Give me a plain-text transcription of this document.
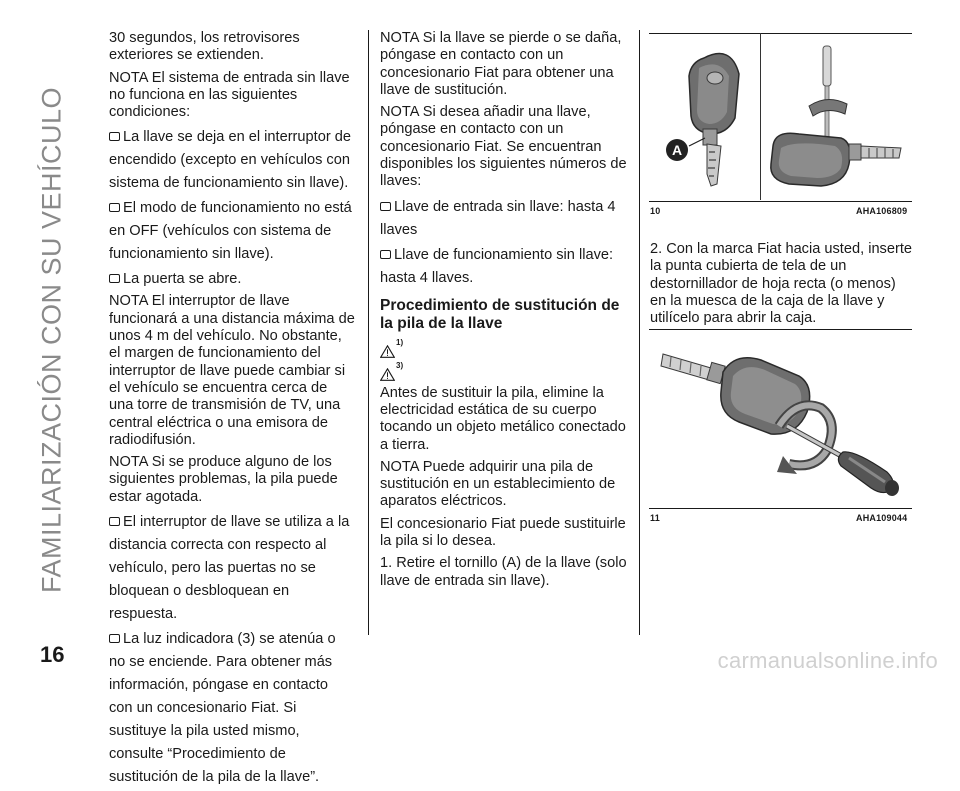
FAMILIARIZACIÓN CON SU VEHÍCULO

30 segundos, los retrovisores exteriores se extienden.

NOTA El sistema de entrada sin llave no funciona en las siguientes condiciones:

La llave se deja en el interruptor de encendido (excepto en vehículos con sistema de funcionamiento sin llave).
El modo de funcionamiento no está en OFF (vehículos con sistema de funcionamiento sin llave).
La puerta se abre.

NOTA El interruptor de llave funcionará a una distancia máxima de unos 4 m del vehículo. No obstante, el margen de funcionamiento del interruptor de llave puede cambiar si el vehículo se encuentra cerca de una torre de transmisión de TV, una central eléctrica o una emisora de radiodifusión.

NOTA Si se produce alguno de los siguientes problemas, la pila puede estar agotada.

El interruptor de llave se utiliza a la distancia correcta con respecto al vehículo, pero las puertas no se bloquean o desbloquean en respuesta.
La luz indicadora (3) se atenúa o no se enciende. Para obtener más información, póngase en contacto con un concesionario Fiat. Si sustituye la pila usted mismo, consulte “Procedimiento de sustitución de la pila de la llave”.

NOTA Si la llave se pierde o se daña, póngase en contacto con un concesionario Fiat para obtener una llave de sustitución.

NOTA Si desea añadir una llave, póngase en contacto con un concesionario Fiat. Se encuentran disponibles los siguientes números de llaves:

Llave de entrada sin llave: hasta 4 llaves
Llave de funcionamiento sin llave: hasta 4 llaves.
Procedimiento de sustitución de la pila de la llave
1)
3)

Antes de sustituir la pila, elimine la electricidad estática de su cuerpo tocando un objeto metálico conectado a tierra.

NOTA Puede adquirir una pila de sustitución en un establecimiento de aparatos eléctricos.

El concesionario Fiat puede sustituirle la pila si lo desea.

1. Retire el tornillo (A) de la llave (solo llave de entrada sin llave).

A
10	AHA106809

2. Con la marca Fiat hacia usted, inserte la punta cubierta de tela de un destornillador de hoja recta (o menos) en la muesca de la caja de la llave y utilícelo para abrir la caja.

11	AHA109044
16	carmanualsonline.info
